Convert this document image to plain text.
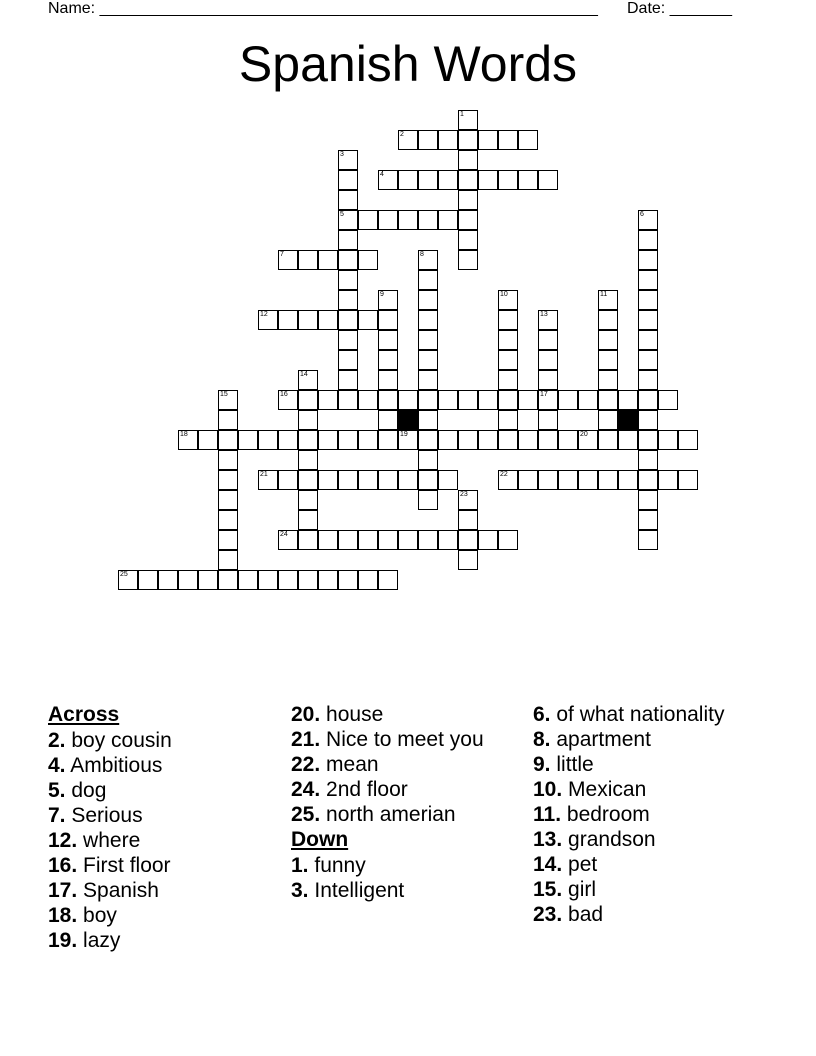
Name: ________________________________________________________ Date: _______
Spanish Words
2
4
5
7
12
16	17
18	19	20
21	22
24
25
1
3
6
8
9	10	11
13
14
15
23
Across
2. boy cousin
4. Ambitious
5. dog
7. Serious
12. where
16. First floor
17. Spanish
18. boy
19. lazy
20. house
21. Nice to meet you
22. mean
24. 2nd floor
25. north amerian
Down
1. funny
3. Intelligent
6. of what nationality
8. apartment
9. little
10. Mexican
11. bedroom
13. grandson
14. pet
15. girl
23. bad
